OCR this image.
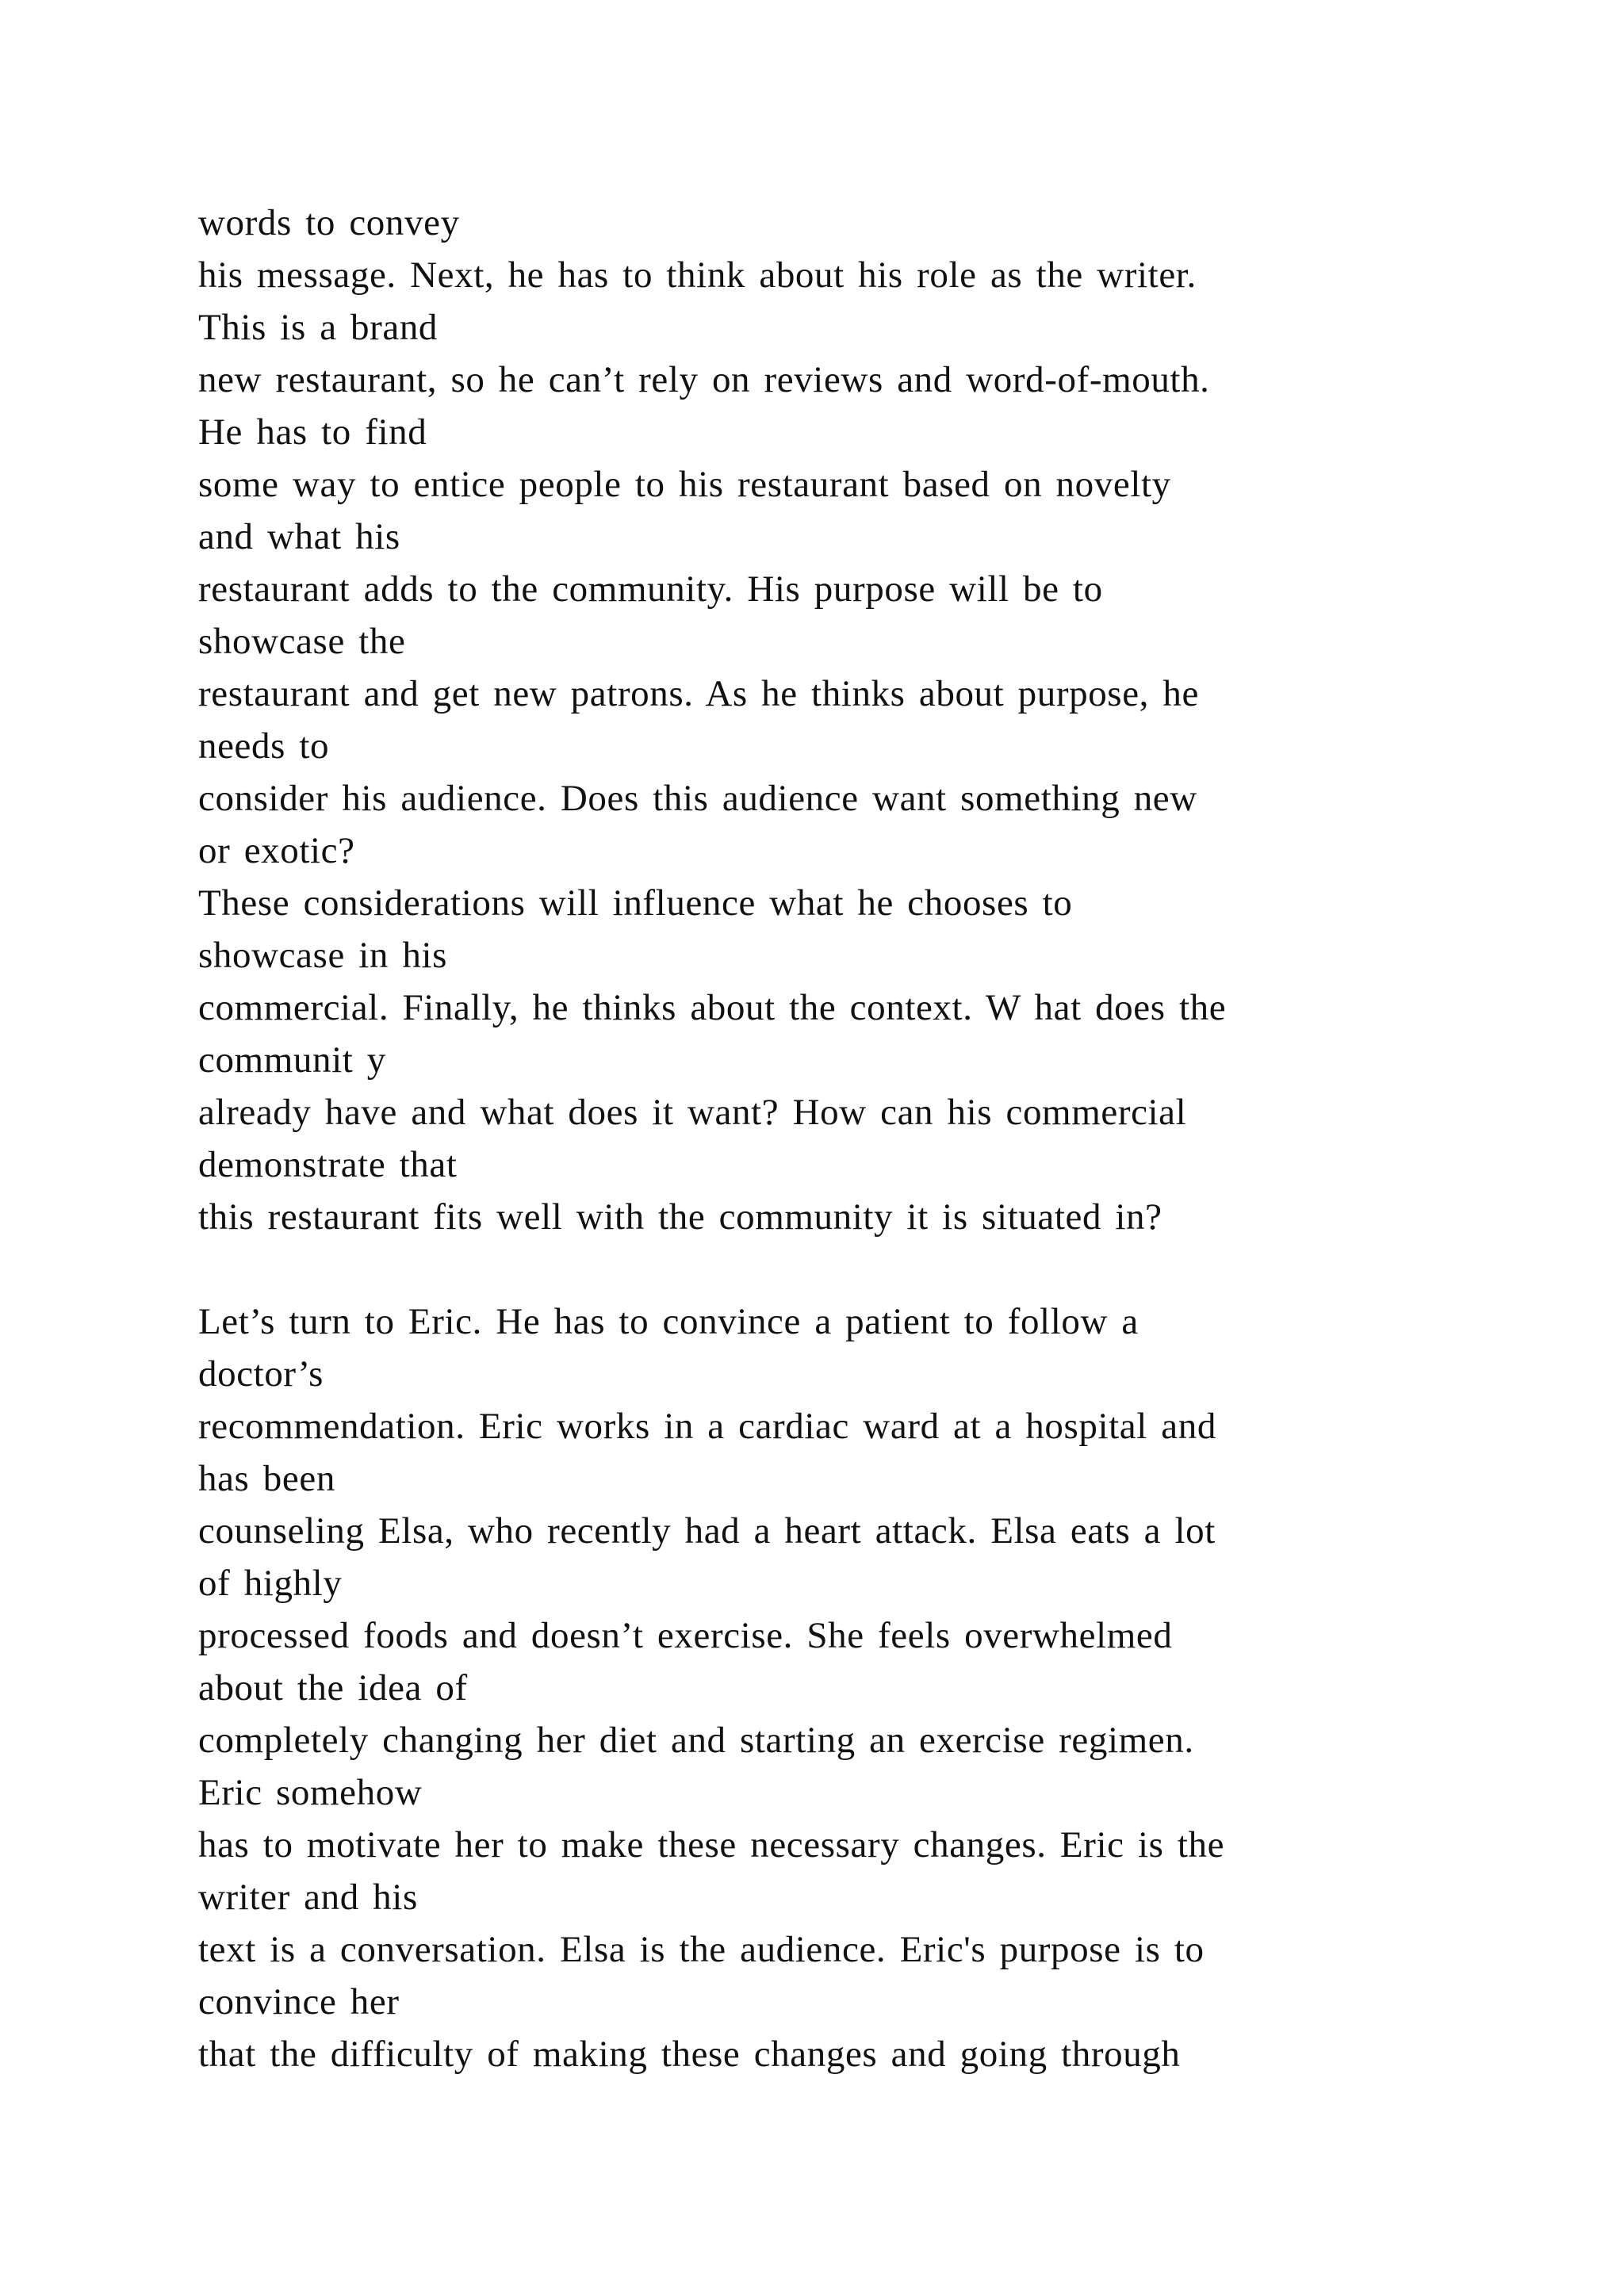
words to convey
his message. Next, he has to think about his role as the writer.
This is a brand
new restaurant, so he can’t rely on reviews and word-of-mouth.
He has to find
some way to entice people to his restaurant based on novelty
and what his
restaurant adds to the community. His purpose will be to
showcase the
restaurant and get new patrons. As he thinks about purpose, he
needs to
consider his audience. Does this audience want something new
or exotic?
These considerations will influence what he chooses to
showcase in his
commercial. Finally, he thinks about the context. W hat does the
communit y
already have and what does it want? How can his commercial
demonstrate that
this restaurant fits well with the community it is situated in?
Let’s turn to Eric. He has to convince a patient to follow a
doctor’s
recommendation. Eric works in a cardiac ward at a hospital and
has been
counseling Elsa, who recently had a heart attack. Elsa eats a lot
of highly
processed foods and doesn’t exercise. She feels overwhelmed
about the idea of
completely changing her diet and starting an exercise regimen.
Eric somehow
has to motivate her to make these necessary changes. Eric is the
writer and his
text is a conversation. Elsa is the audience. Eric's purpose is to
convince her
that the difficulty of making these changes and going through
